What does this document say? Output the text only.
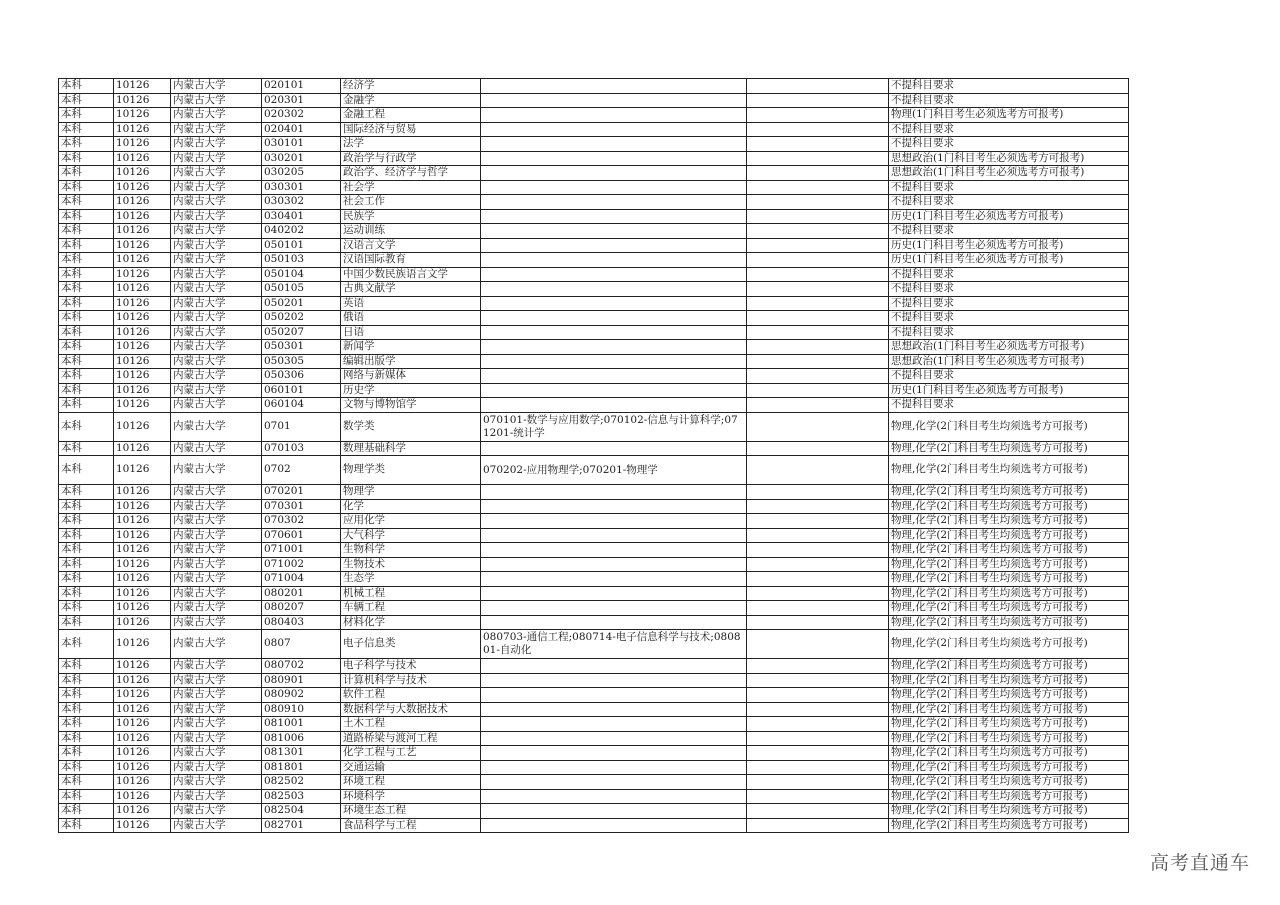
本科	10126	内蒙古大学	020101	经济学			不提科目要求
本科	10126	内蒙古大学	020301	金融学			不提科目要求
本科	10126	内蒙古大学	020302	金融工程			物理(1门科目考生必须选考方可报考)
本科	10126	内蒙古大学	020401	国际经济与贸易			不提科目要求
本科	10126	内蒙古大学	030101	法学			不提科目要求
本科	10126	内蒙古大学	030201	政治学与行政学			思想政治(1门科目考生必须选考方可报考)
本科	10126	内蒙古大学	030205	政治学、经济学与哲学			思想政治(1门科目考生必须选考方可报考)
本科	10126	内蒙古大学	030301	社会学			不提科目要求
本科	10126	内蒙古大学	030302	社会工作			不提科目要求
本科	10126	内蒙古大学	030401	民族学			历史(1门科目考生必须选考方可报考)
本科	10126	内蒙古大学	040202	运动训练			不提科目要求
本科	10126	内蒙古大学	050101	汉语言文学			历史(1门科目考生必须选考方可报考)
本科	10126	内蒙古大学	050103	汉语国际教育			历史(1门科目考生必须选考方可报考)
本科	10126	内蒙古大学	050104	中国少数民族语言文学			不提科目要求
本科	10126	内蒙古大学	050105	古典文献学			不提科目要求
本科	10126	内蒙古大学	050201	英语			不提科目要求
本科	10126	内蒙古大学	050202	俄语			不提科目要求
本科	10126	内蒙古大学	050207	日语			不提科目要求
本科	10126	内蒙古大学	050301	新闻学			思想政治(1门科目考生必须选考方可报考)
本科	10126	内蒙古大学	050305	编辑出版学			思想政治(1门科目考生必须选考方可报考)
本科	10126	内蒙古大学	050306	网络与新媒体			不提科目要求
本科	10126	内蒙古大学	060101	历史学			历史(1门科目考生必须选考方可报考)
本科	10126	内蒙古大学	060104	文物与博物馆学			不提科目要求
本科	10126	内蒙古大学	0701	数学类	070101-数学与应用数学;070102-信息与计算科学;071201-统计学		物理,化学(2门科目考生均须选考方可报考)
本科	10126	内蒙古大学	070103	数理基础科学			物理,化学(2门科目考生均须选考方可报考)
本科	10126	内蒙古大学	0702	物理学类	070202-应用物理学;070201-物理学		物理,化学(2门科目考生均须选考方可报考)
本科	10126	内蒙古大学	070201	物理学			物理,化学(2门科目考生均须选考方可报考)
本科	10126	内蒙古大学	070301	化学			物理,化学(2门科目考生均须选考方可报考)
本科	10126	内蒙古大学	070302	应用化学			物理,化学(2门科目考生均须选考方可报考)
本科	10126	内蒙古大学	070601	大气科学			物理,化学(2门科目考生均须选考方可报考)
本科	10126	内蒙古大学	071001	生物科学			物理,化学(2门科目考生均须选考方可报考)
本科	10126	内蒙古大学	071002	生物技术			物理,化学(2门科目考生均须选考方可报考)
本科	10126	内蒙古大学	071004	生态学			物理,化学(2门科目考生均须选考方可报考)
本科	10126	内蒙古大学	080201	机械工程			物理,化学(2门科目考生均须选考方可报考)
本科	10126	内蒙古大学	080207	车辆工程			物理,化学(2门科目考生均须选考方可报考)
本科	10126	内蒙古大学	080403	材料化学			物理,化学(2门科目考生均须选考方可报考)
本科	10126	内蒙古大学	0807	电子信息类	080703-通信工程;080714-电子信息科学与技术;080801-自动化		物理,化学(2门科目考生均须选考方可报考)
本科	10126	内蒙古大学	080702	电子科学与技术			物理,化学(2门科目考生均须选考方可报考)
本科	10126	内蒙古大学	080901	计算机科学与技术			物理,化学(2门科目考生均须选考方可报考)
本科	10126	内蒙古大学	080902	软件工程			物理,化学(2门科目考生均须选考方可报考)
本科	10126	内蒙古大学	080910	数据科学与大数据技术			物理,化学(2门科目考生均须选考方可报考)
本科	10126	内蒙古大学	081001	土木工程			物理,化学(2门科目考生均须选考方可报考)
本科	10126	内蒙古大学	081006	道路桥梁与渡河工程			物理,化学(2门科目考生均须选考方可报考)
本科	10126	内蒙古大学	081301	化学工程与工艺			物理,化学(2门科目考生均须选考方可报考)
本科	10126	内蒙古大学	081801	交通运输			物理,化学(2门科目考生均须选考方可报考)
本科	10126	内蒙古大学	082502	环境工程			物理,化学(2门科目考生均须选考方可报考)
本科	10126	内蒙古大学	082503	环境科学			物理,化学(2门科目考生均须选考方可报考)
本科	10126	内蒙古大学	082504	环境生态工程			物理,化学(2门科目考生均须选考方可报考)
本科	10126	内蒙古大学	082701	食品科学与工程			物理,化学(2门科目考生均须选考方可报考)
高考直通车
